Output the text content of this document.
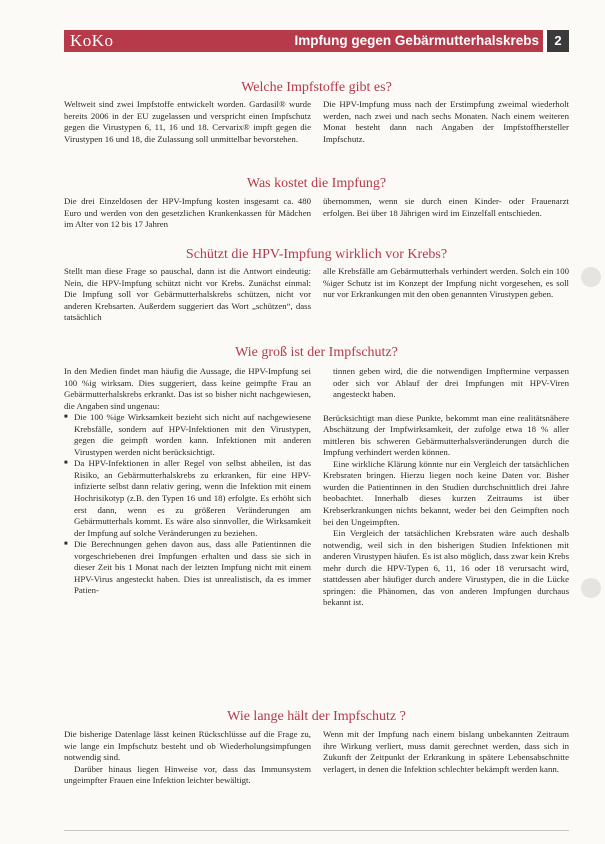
KoKo	Impfung gegen Gebärmutterhalskrebs	2
Welche Impfstoffe gibt es?

Weltweit sind zwei Impfstoffe entwickelt worden. Gardasil® wurde bereits 2006 in der EU zugelassen und verspricht einen Impfschutz gegen die Virustypen 6, 11, 16 und 18. Cervarix® impft gegen die Virustypen 16 und 18, die Zulassung soll unmittelbar bevorstehen.

Die HPV-Impfung muss nach der Erstimpfung zweimal wiederholt werden, nach zwei und nach sechs Monaten. Nach einem weiteren Monat besteht dann nach Angaben der Impfstoffhersteller Impfschutz.

Was kostet die Impfung?

Die drei Einzeldosen der HPV-Impfung kosten insgesamt ca. 480 Euro und werden von den gesetzlichen Krankenkassen für Mädchen im Alter von 12 bis 17 Jahren

übernommen, wenn sie durch einen Kinder- oder Frauenarzt erfolgen. Bei über 18 Jährigen wird im Einzelfall entschieden.

Schützt die HPV-Impfung wirklich vor Krebs?

Stellt man diese Frage so pauschal, dann ist die Antwort eindeutig: Nein, die HPV-Impfung schützt nicht vor Krebs. Zunächst einmal: Die Impfung soll vor Gebärmutterhalskrebs schützen, nicht vor anderen Krebsarten. Außerdem suggeriert das Wort „schützen“, dass tatsächlich

alle Krebsfälle am Gebärmutterhals verhindert werden. Solch ein 100 %iger Schutz ist im Konzept der Impfung nicht vorgesehen, es soll nur vor Erkrankungen mit den oben genannten Virustypen geben.

Wie groß ist der Impfschutz?

In den Medien findet man häufig die Aussage, die HPV-Impfung sei 100 %ig wirksam. Dies suggeriert, dass keine geimpfte Frau an Gebärmutterhalskrebs erkrankt. Das ist so bisher nicht nachgewiesen, die Angaben sind ungenau:

■ Die 100 %ige Wirksamkeit bezieht sich nicht auf nachgewiesene Krebsfälle, sondern auf HPV-Infektionen mit den Virustypen, gegen die geimpft worden kann. Infektionen mit anderen Virustypen werden nicht berücksichtigt.
■ Da HPV-Infektionen in aller Regel von selbst abheilen, ist das Risiko, an Gebärmutterhalskrebs zu erkranken, für eine HPV-infizierte selbst dann relativ gering, wenn die Infektion mit einem Hochrisikotyp (z.B. den Typen 16 und 18) erfolgte. Es erhöht sich erst dann, wenn es zu größeren Veränderungen am Gebärmutterhals kommt. Es wäre also sinnvoller, die Wirksamkeit der Impfung auf solche Veränderungen zu beziehen.
■ Die Berechnungen gehen davon aus, dass alle Patientinnen die vorgeschriebenen drei Impfungen erhalten und dass sie sich in dieser Zeit bis 1 Monat nach der letzten Impfung nicht mit einem HPV-Virus angesteckt haben. Dies ist unrealistisch, da es immer Patien-

tinnen geben wird, die die notwendigen Impftermine verpassen oder sich vor Ablauf der drei Impfungen mit HPV-Viren angesteckt haben.

Berücksichtigt man diese Punkte, bekommt man eine realitätsnähere Abschätzung der Impfwirksamkeit, der zufolge etwa 18 % aller mittleren bis schweren Gebärmutterhalsveränderungen durch die Impfung verhindert werden können.

Eine wirkliche Klärung könnte nur ein Vergleich der tatsächlichen Krebsraten bringen. Hierzu liegen noch keine Daten vor. Bisher wurden die Patientinnen in den Studien durchschnittlich drei Jahre beobachtet. Innerhalb dieses kurzen Zeitraums ist über Krebserkrankungen nichts bekannt, weder bei den Geimpften noch bei den Ungeimpften.

Ein Vergleich der tatsächlichen Krebsraten wäre auch deshalb notwendig, weil sich in den bisherigen Studien Infektionen mit anderen Virustypen häufen. Es ist also möglich, dass zwar kein Krebs mehr durch die HPV-Typen 6, 11, 16 oder 18 verursacht wird, stattdessen aber häufiger durch andere Virustypen, die in die Lücke springen: die Phänomen, das von anderen Impfungen durchaus bekannt ist.

Wie lange hält der Impfschutz ?

Die bisherige Datenlage lässt keinen Rückschlüsse auf die Frage zu, wie lange ein Impfschutz besteht und ob Wiederholungsimpfungen notwendig sind.

Darüber hinaus liegen Hinweise vor, dass das Immunsystem ungeimpfter Frauen eine Infektion leichter bewältigt.

Wenn mit der Impfung nach einem bislang unbekannten Zeitraum ihre Wirkung verliert, muss damit gerechnet werden, dass sich in Zukunft der Zeitpunkt der Erkrankung in spätere Lebensabschnitte verlagert, in denen die Infektion schlechter bekämpft werden kann.
